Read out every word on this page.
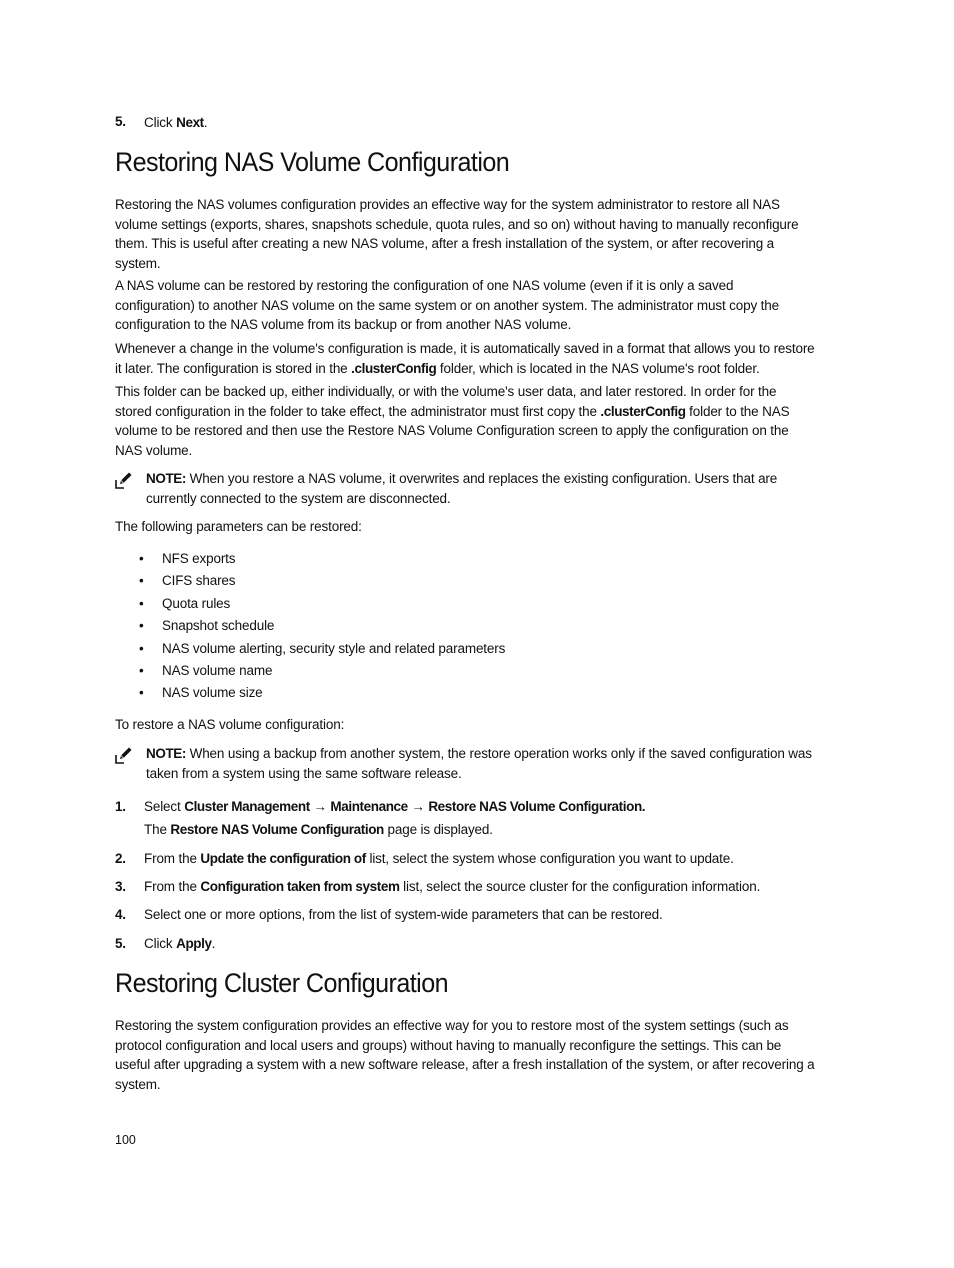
5. Click Next.
Restoring NAS Volume Configuration
Restoring the NAS volumes configuration provides an effective way for the system administrator to restore all NAS volume settings (exports, shares, snapshots schedule, quota rules, and so on) without having to manually reconfigure them. This is useful after creating a new NAS volume, after a fresh installation of the system, or after recovering a system.
A NAS volume can be restored by restoring the configuration of one NAS volume (even if it is only a saved configuration) to another NAS volume on the same system or on another system. The administrator must copy the configuration to the NAS volume from its backup or from another NAS volume.
Whenever a change in the volume's configuration is made, it is automatically saved in a format that allows you to restore it later. The configuration is stored in the .clusterConfig folder, which is located in the NAS volume's root folder.
This folder can be backed up, either individually, or with the volume's user data, and later restored. In order for the stored configuration in the folder to take effect, the administrator must first copy the .clusterConfig folder to the NAS volume to be restored and then use the Restore NAS Volume Configuration screen to apply the configuration on the NAS volume.
NOTE: When you restore a NAS volume, it overwrites and replaces the existing configuration. Users that are currently connected to the system are disconnected.
The following parameters can be restored:
• NFS exports
• CIFS shares
• Quota rules
• Snapshot schedule
• NAS volume alerting, security style and related parameters
• NAS volume name
• NAS volume size
To restore a NAS volume configuration:
NOTE: When using a backup from another system, the restore operation works only if the saved configuration was taken from a system using the same software release.
1. Select Cluster Management → Maintenance → Restore NAS Volume Configuration.
The Restore NAS Volume Configuration page is displayed.
2. From the Update the configuration of list, select the system whose configuration you want to update.
3. From the Configuration taken from system list, select the source cluster for the configuration information.
4. Select one or more options, from the list of system-wide parameters that can be restored.
5. Click Apply.
Restoring Cluster Configuration
Restoring the system configuration provides an effective way for you to restore most of the system settings (such as protocol configuration and local users and groups) without having to manually reconfigure the settings. This can be useful after upgrading a system with a new software release, after a fresh installation of the system, or after recovering a system.
100
